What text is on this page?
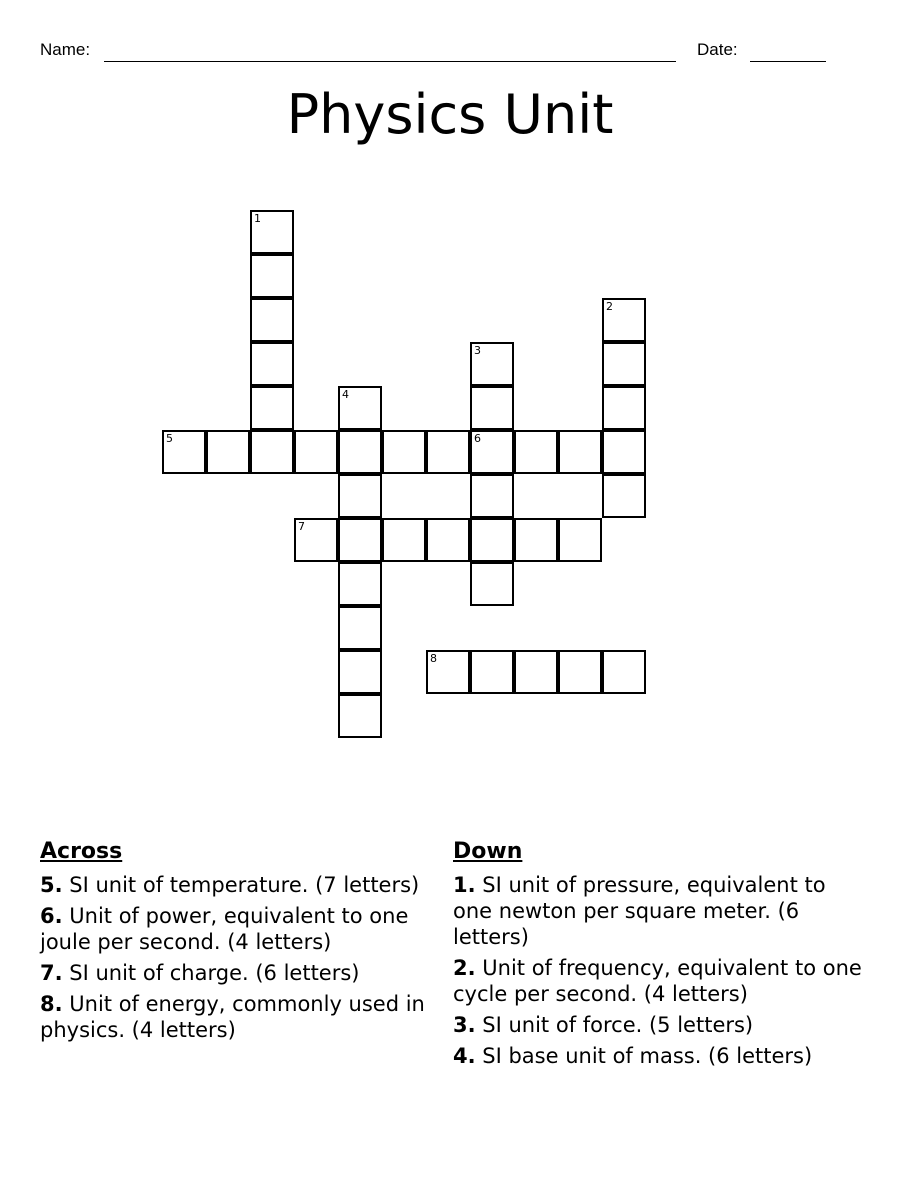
Name:	Date:
Physics Unit
1
2
3
6
4
5
7
8
Across
5. SI unit of temperature. (7 letters)
6. Unit of power, equivalent to one joule per second. (4 letters)
7. SI unit of charge. (6 letters)
8. Unit of energy, commonly used in physics. (4 letters)
Down
1. SI unit of pressure, equivalent to one newton per square meter. (6 letters)
2. Unit of frequency, equivalent to one cycle per second. (4 letters)
3. SI unit of force. (5 letters)
4. SI base unit of mass. (6 letters)
